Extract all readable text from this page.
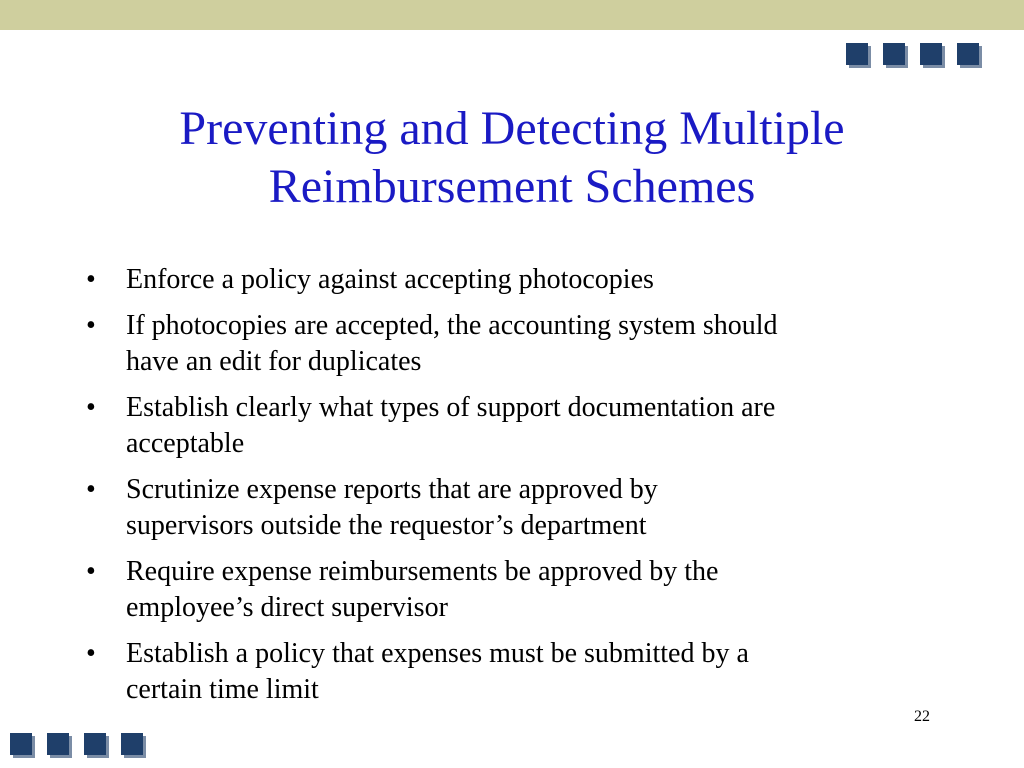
Preventing and Detecting Multiple
Reimbursement Schemes
• Enforce a policy against accepting photocopies
• If photocopies are accepted, the accounting system should
have an edit for duplicates
• Establish clearly what types of support documentation are
acceptable
• Scrutinize expense reports that are approved by
supervisors outside the requestor’s department
• Require expense reimbursements be approved by the
employee’s direct supervisor
• Establish a policy that expenses must be submitted by a
certain time limit
22
